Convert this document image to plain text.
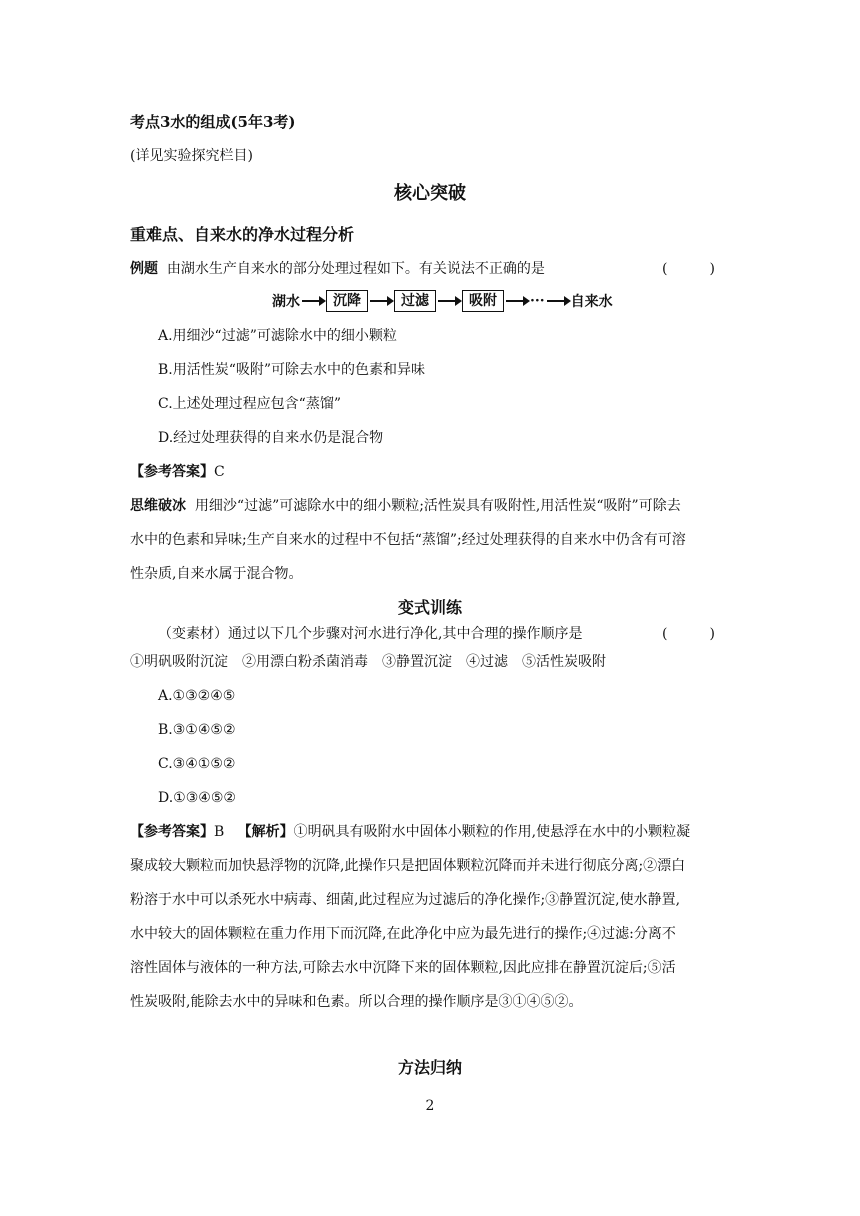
考点3水的组成(5年3考)
(详见实验探究栏目)
核心突破
重难点、自来水的净水过程分析
例题 由湖水生产自来水的部分处理过程如下。有关说法不正确的是	(　　　)
湖水	沉降	过滤	吸附	··· 自来水
A.用细沙“过滤”可滤除水中的细小颗粒
B.用活性炭“吸附”可除去水中的色素和异味
C.上述处理过程应包含“蒸馏”
D.经过处理获得的自来水仍是混合物
【参考答案】C
思维破冰 用细沙“过滤”可滤除水中的细小颗粒;活性炭具有吸附性,用活性炭“吸附”可除去
水中的色素和异味;生产自来水的过程中不包括“蒸馏”;经过处理获得的自来水中仍含有可溶
性杂质,自来水属于混合物。
变式训练
（变素材）通过以下几个步骤对河水进行净化,其中合理的操作顺序是	(　　　)
①明矾吸附沉淀　②用漂白粉杀菌消毒　③静置沉淀　④过滤　⑤活性炭吸附
A.①③②④⑤
B.③①④⑤②
C.③④①⑤②
D.①③④⑤②
【参考答案】B 【解析】①明矾具有吸附水中固体小颗粒的作用,使悬浮在水中的小颗粒凝
聚成较大颗粒而加快悬浮物的沉降,此操作只是把固体颗粒沉降而并未进行彻底分离;②漂白
粉溶于水中可以杀死水中病毒、细菌,此过程应为过滤后的净化操作;③静置沉淀,使水静置,
水中较大的固体颗粒在重力作用下而沉降,在此净化中应为最先进行的操作;④过滤:分离不
溶性固体与液体的一种方法,可除去水中沉降下来的固体颗粒,因此应排在静置沉淀后;⑤活
性炭吸附,能除去水中的异味和色素。所以合理的操作顺序是③①④⑤②。
方法归纳
2
